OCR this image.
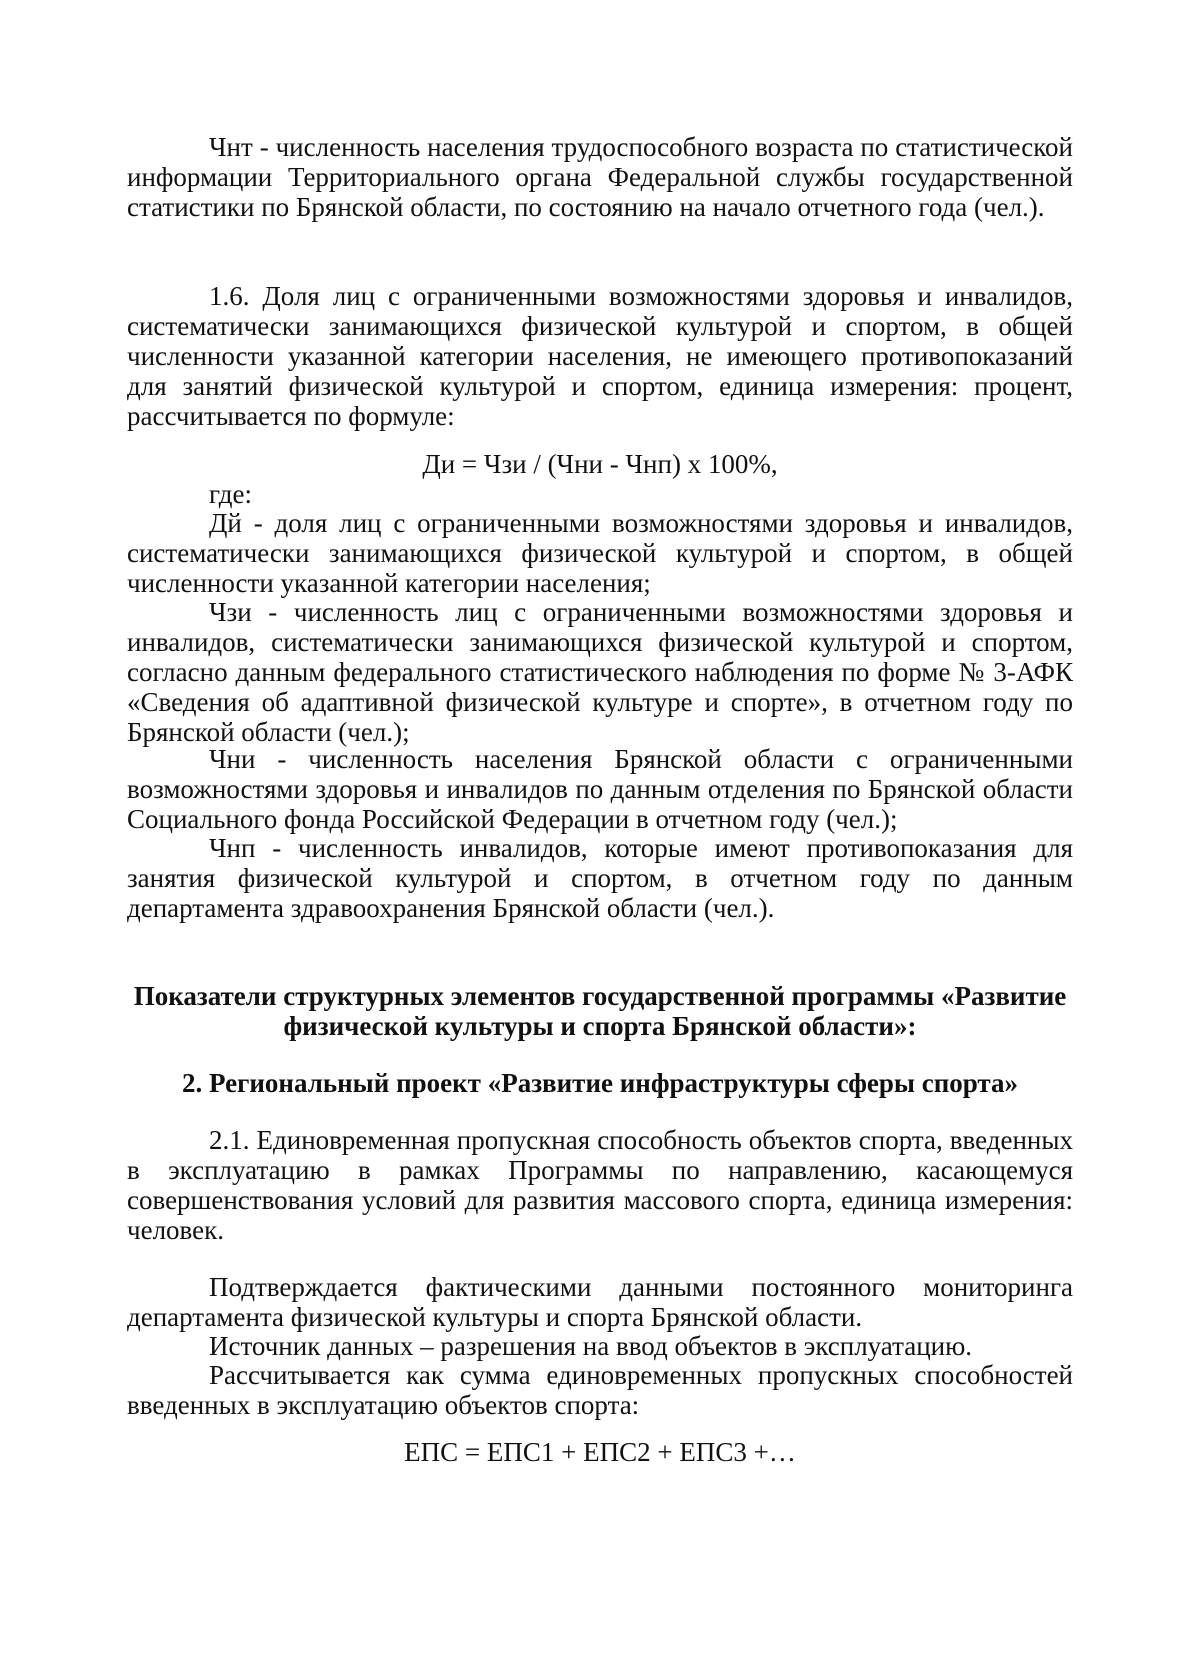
Чнт - численность населения трудоспособного возраста по статистической информации Территориального органа Федеральной службы государственной статистики по Брянской области, по состоянию на начало отчетного года (чел.).

1.6. Доля лиц с ограниченными возможностями здоровья и инвалидов, систематически занимающихся физической культурой и спортом, в общей численности указанной категории населения, не имеющего противопоказаний для занятий физической культурой и спортом, единица измерения: процент, рассчитывается по формуле:

Ди = Чзи / (Чни - Чнп) х 100%,

где:

Дй - доля лиц с ограниченными возможностями здоровья и инвалидов, систематически занимающихся физической культурой и спортом, в общей численности указанной категории населения;

Чзи - численность лиц с ограниченными возможностями здоровья и инвалидов, систематически занимающихся физической культурой и спортом, согласно данным федерального статистического наблюдения по форме № 3-АФК «Сведения об адаптивной физической культуре и спорте», в отчетном году по Брянской области (чел.);

Чни - численность населения Брянской области с ограниченными возможностями здоровья и инвалидов по данным отделения по Брянской области Социального фонда Российской Федерации в отчетном году (чел.);

Чнп - численность инвалидов, которые имеют противопоказания для занятия физической культурой и спортом, в отчетном году по данным департамента здравоохранения Брянской области (чел.).

Показатели структурных элементов государственной программы «Развитие физической культуры и спорта Брянской области»:

2. Региональный проект «Развитие инфраструктуры сферы спорта»

2.1. Единовременная пропускная способность объектов спорта, введенных в эксплуатацию в рамках Программы по направлению, касающемуся совершенствования условий для развития массового спорта, единица измерения: человек.

Подтверждается фактическими данными постоянного мониторинга департамента физической культуры и спорта Брянской области.

Источник данных – разрешения на ввод объектов в эксплуатацию.

Рассчитывается как сумма единовременных пропускных способностей введенных в эксплуатацию объектов спорта:

ЕПС = ЕПС1 + ЕПС2 + ЕПС3 +…
